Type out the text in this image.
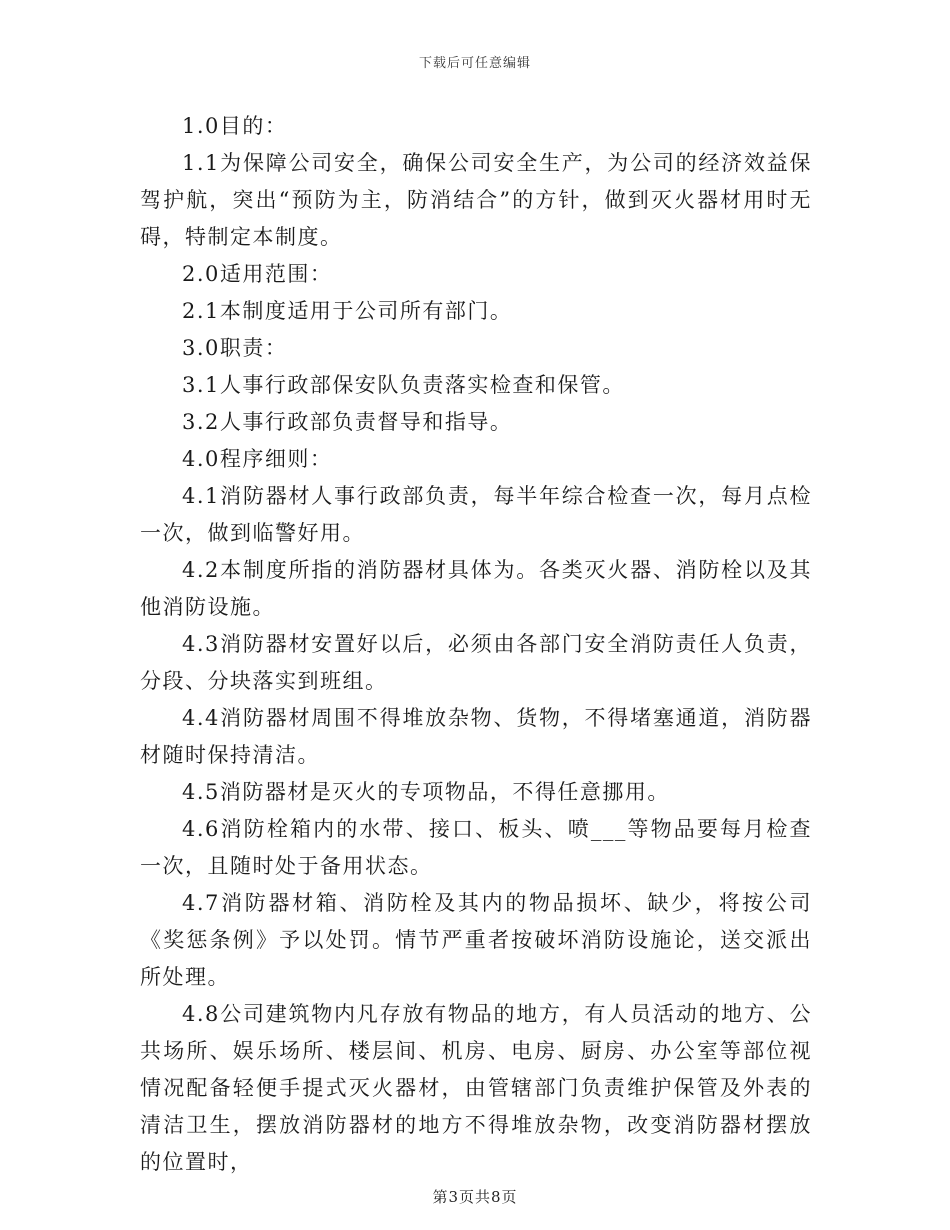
下载后可任意编辑

1.0目的：

1.1为保障公司安全，确保公司安全生产，为公司的经济效益保驾护航，突出“预防为主，防消结合”的方针，做到灭火器材用时无碍，特制定本制度。

2.0适用范围：

2.1本制度适用于公司所有部门。

3.0职责：

3.1人事行政部保安队负责落实检查和保管。

3.2人事行政部负责督导和指导。

4.0程序细则：

4.1消防器材人事行政部负责，每半年综合检查一次，每月点检一次，做到临警好用。

4.2本制度所指的消防器材具体为。各类灭火器、消防栓以及其他消防设施。

4.3消防器材安置好以后，必须由各部门安全消防责任人负责，分段、分块落实到班组。

4.4消防器材周围不得堆放杂物、货物，不得堵塞通道，消防器材随时保持清洁。

4.5消防器材是灭火的专项物品，不得任意挪用。

4.6消防栓箱内的水带、接口、板头、喷___等物品要每月检查一次，且随时处于备用状态。

4.7消防器材箱、消防栓及其内的物品损坏、缺少，将按公司《奖惩条例》予以处罚。情节严重者按破坏消防设施论，送交派出所处理。

4.8公司建筑物内凡存放有物品的地方，有人员活动的地方、公共场所、娱乐场所、楼层间、机房、电房、厨房、办公室等部位视情况配备轻便手提式灭火器材，由管辖部门负责维护保管及外表的清洁卫生，摆放消防器材的地方不得堆放杂物，改变消防器材摆放的位置时，

第3页共8页
